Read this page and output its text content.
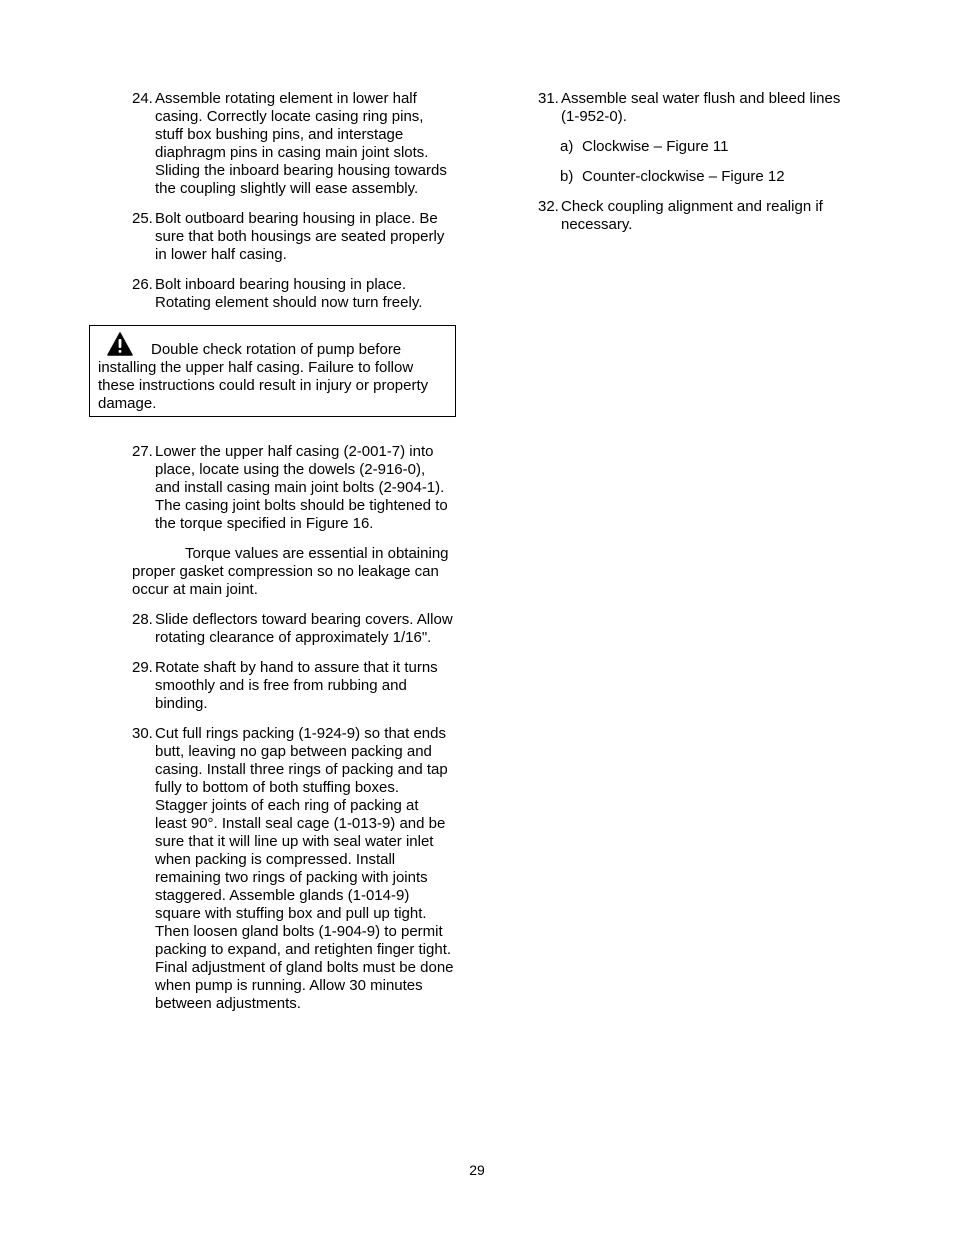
24. Assemble rotating element in lower half casing. Correctly locate casing ring pins, stuff box bushing pins, and interstage diaphragm pins in casing main joint slots. Sliding the inboard bearing housing towards the coupling slightly will ease assembly.
25. Bolt outboard bearing housing in place. Be sure that both housings are seated properly in lower half casing.
26. Bolt inboard bearing housing in place. Rotating element should now turn freely.
Double check rotation of pump before installing the upper half casing. Failure to follow these instructions could result in injury or property damage.
27. Lower the upper half casing (2-001-7) into place, locate using the dowels (2-916-0), and install casing main joint bolts (2-904-1). The casing joint bolts should be tightened to the torque specified in Figure 16.
Torque values are essential in obtaining proper gasket compression so no leakage can occur at main joint.
28. Slide deflectors toward bearing covers. Allow rotating clearance of approximately 1/16".
29. Rotate shaft by hand to assure that it turns smoothly and is free from rubbing and binding.
30. Cut full rings packing (1-924-9) so that ends butt, leaving no gap between packing and casing. Install three rings of packing and tap fully to bottom of both stuffing boxes. Stagger joints of each ring of packing at least 90°. Install seal cage (1-013-9) and be sure that it will line up with seal water inlet when packing is compressed. Install remaining two rings of packing with joints staggered. Assemble glands (1-014-9) square with stuffing box and pull up tight. Then loosen gland bolts (1-904-9) to permit packing to expand, and retighten finger tight. Final adjustment of gland bolts must be done when pump is running. Allow 30 minutes between adjustments.
31. Assemble seal water flush and bleed lines (1-952-0).
a) Clockwise – Figure 11
b) Counter-clockwise – Figure 12
32. Check coupling alignment and realign if necessary.
29
